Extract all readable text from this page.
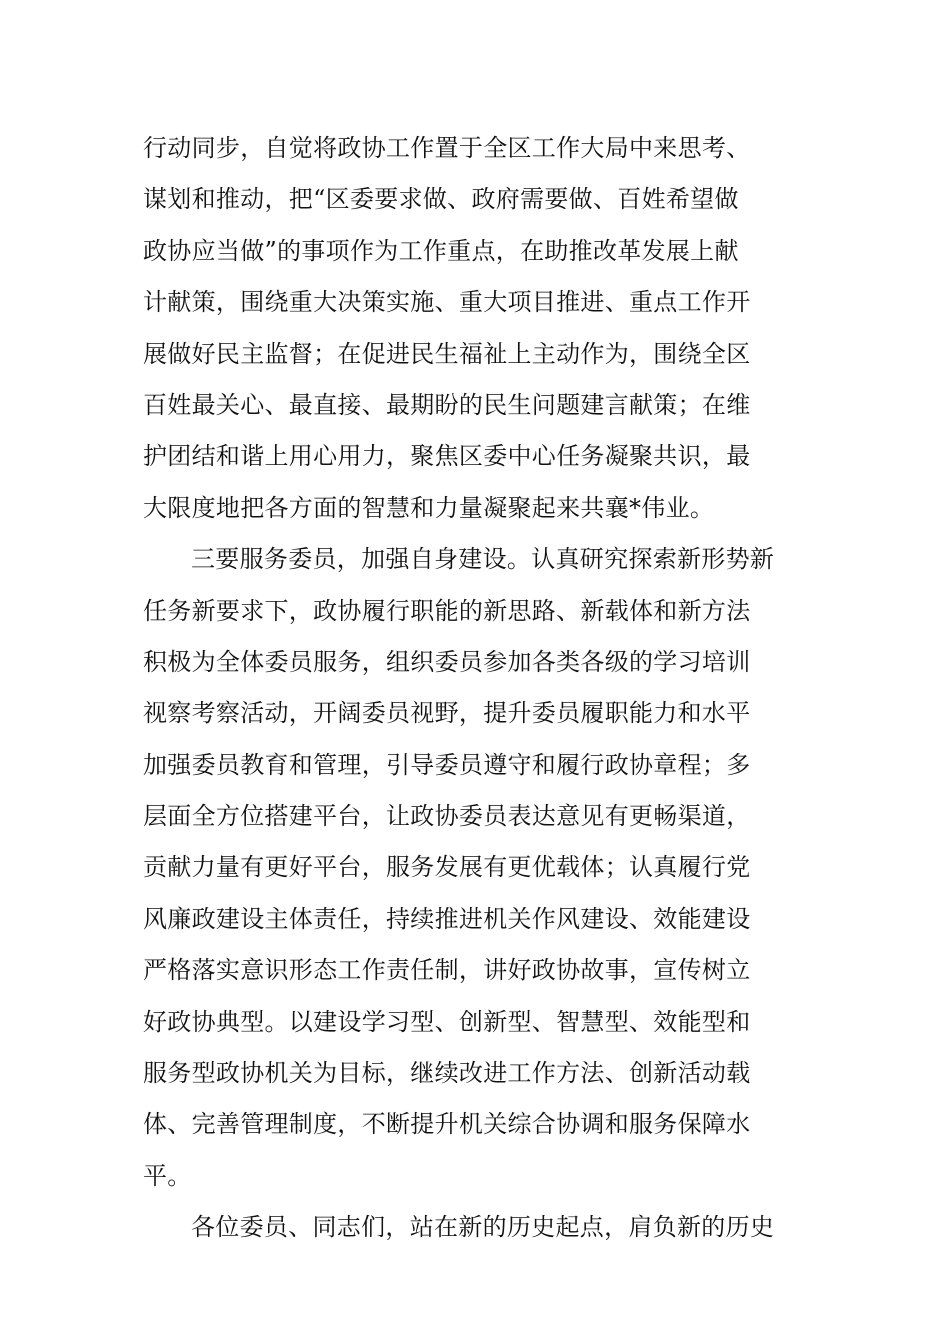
行动同步，自觉将政协工作置于全区工作大局中来思考、
谋划和推动，把“区委要求做、政府需要做、百姓希望做
政协应当做”的事项作为工作重点，在助推改革发展上献
计献策，围绕重大决策实施、重大项目推进、重点工作开
展做好民主监督；在促进民生福祉上主动作为，围绕全区
百姓最关心、最直接、最期盼的民生问题建言献策；在维
护团结和谐上用心用力，聚焦区委中心任务凝聚共识，最
大限度地把各方面的智慧和力量凝聚起来共襄*伟业。
三要服务委员，加强自身建设。认真研究探索新形势新
任务新要求下，政协履行职能的新思路、新载体和新方法
积极为全体委员服务，组织委员参加各类各级的学习培训
视察考察活动，开阔委员视野，提升委员履职能力和水平
加强委员教育和管理，引导委员遵守和履行政协章程；多
层面全方位搭建平台，让政协委员表达意见有更畅渠道，
贡献力量有更好平台，服务发展有更优载体；认真履行党
风廉政建设主体责任，持续推进机关作风建设、效能建设
严格落实意识形态工作责任制，讲好政协故事，宣传树立
好政协典型。以建设学习型、创新型、智慧型、效能型和
服务型政协机关为目标，继续改进工作方法、创新活动载
体、完善管理制度，不断提升机关综合协调和服务保障水
平。
各位委员、同志们，站在新的历史起点，肩负新的历史
